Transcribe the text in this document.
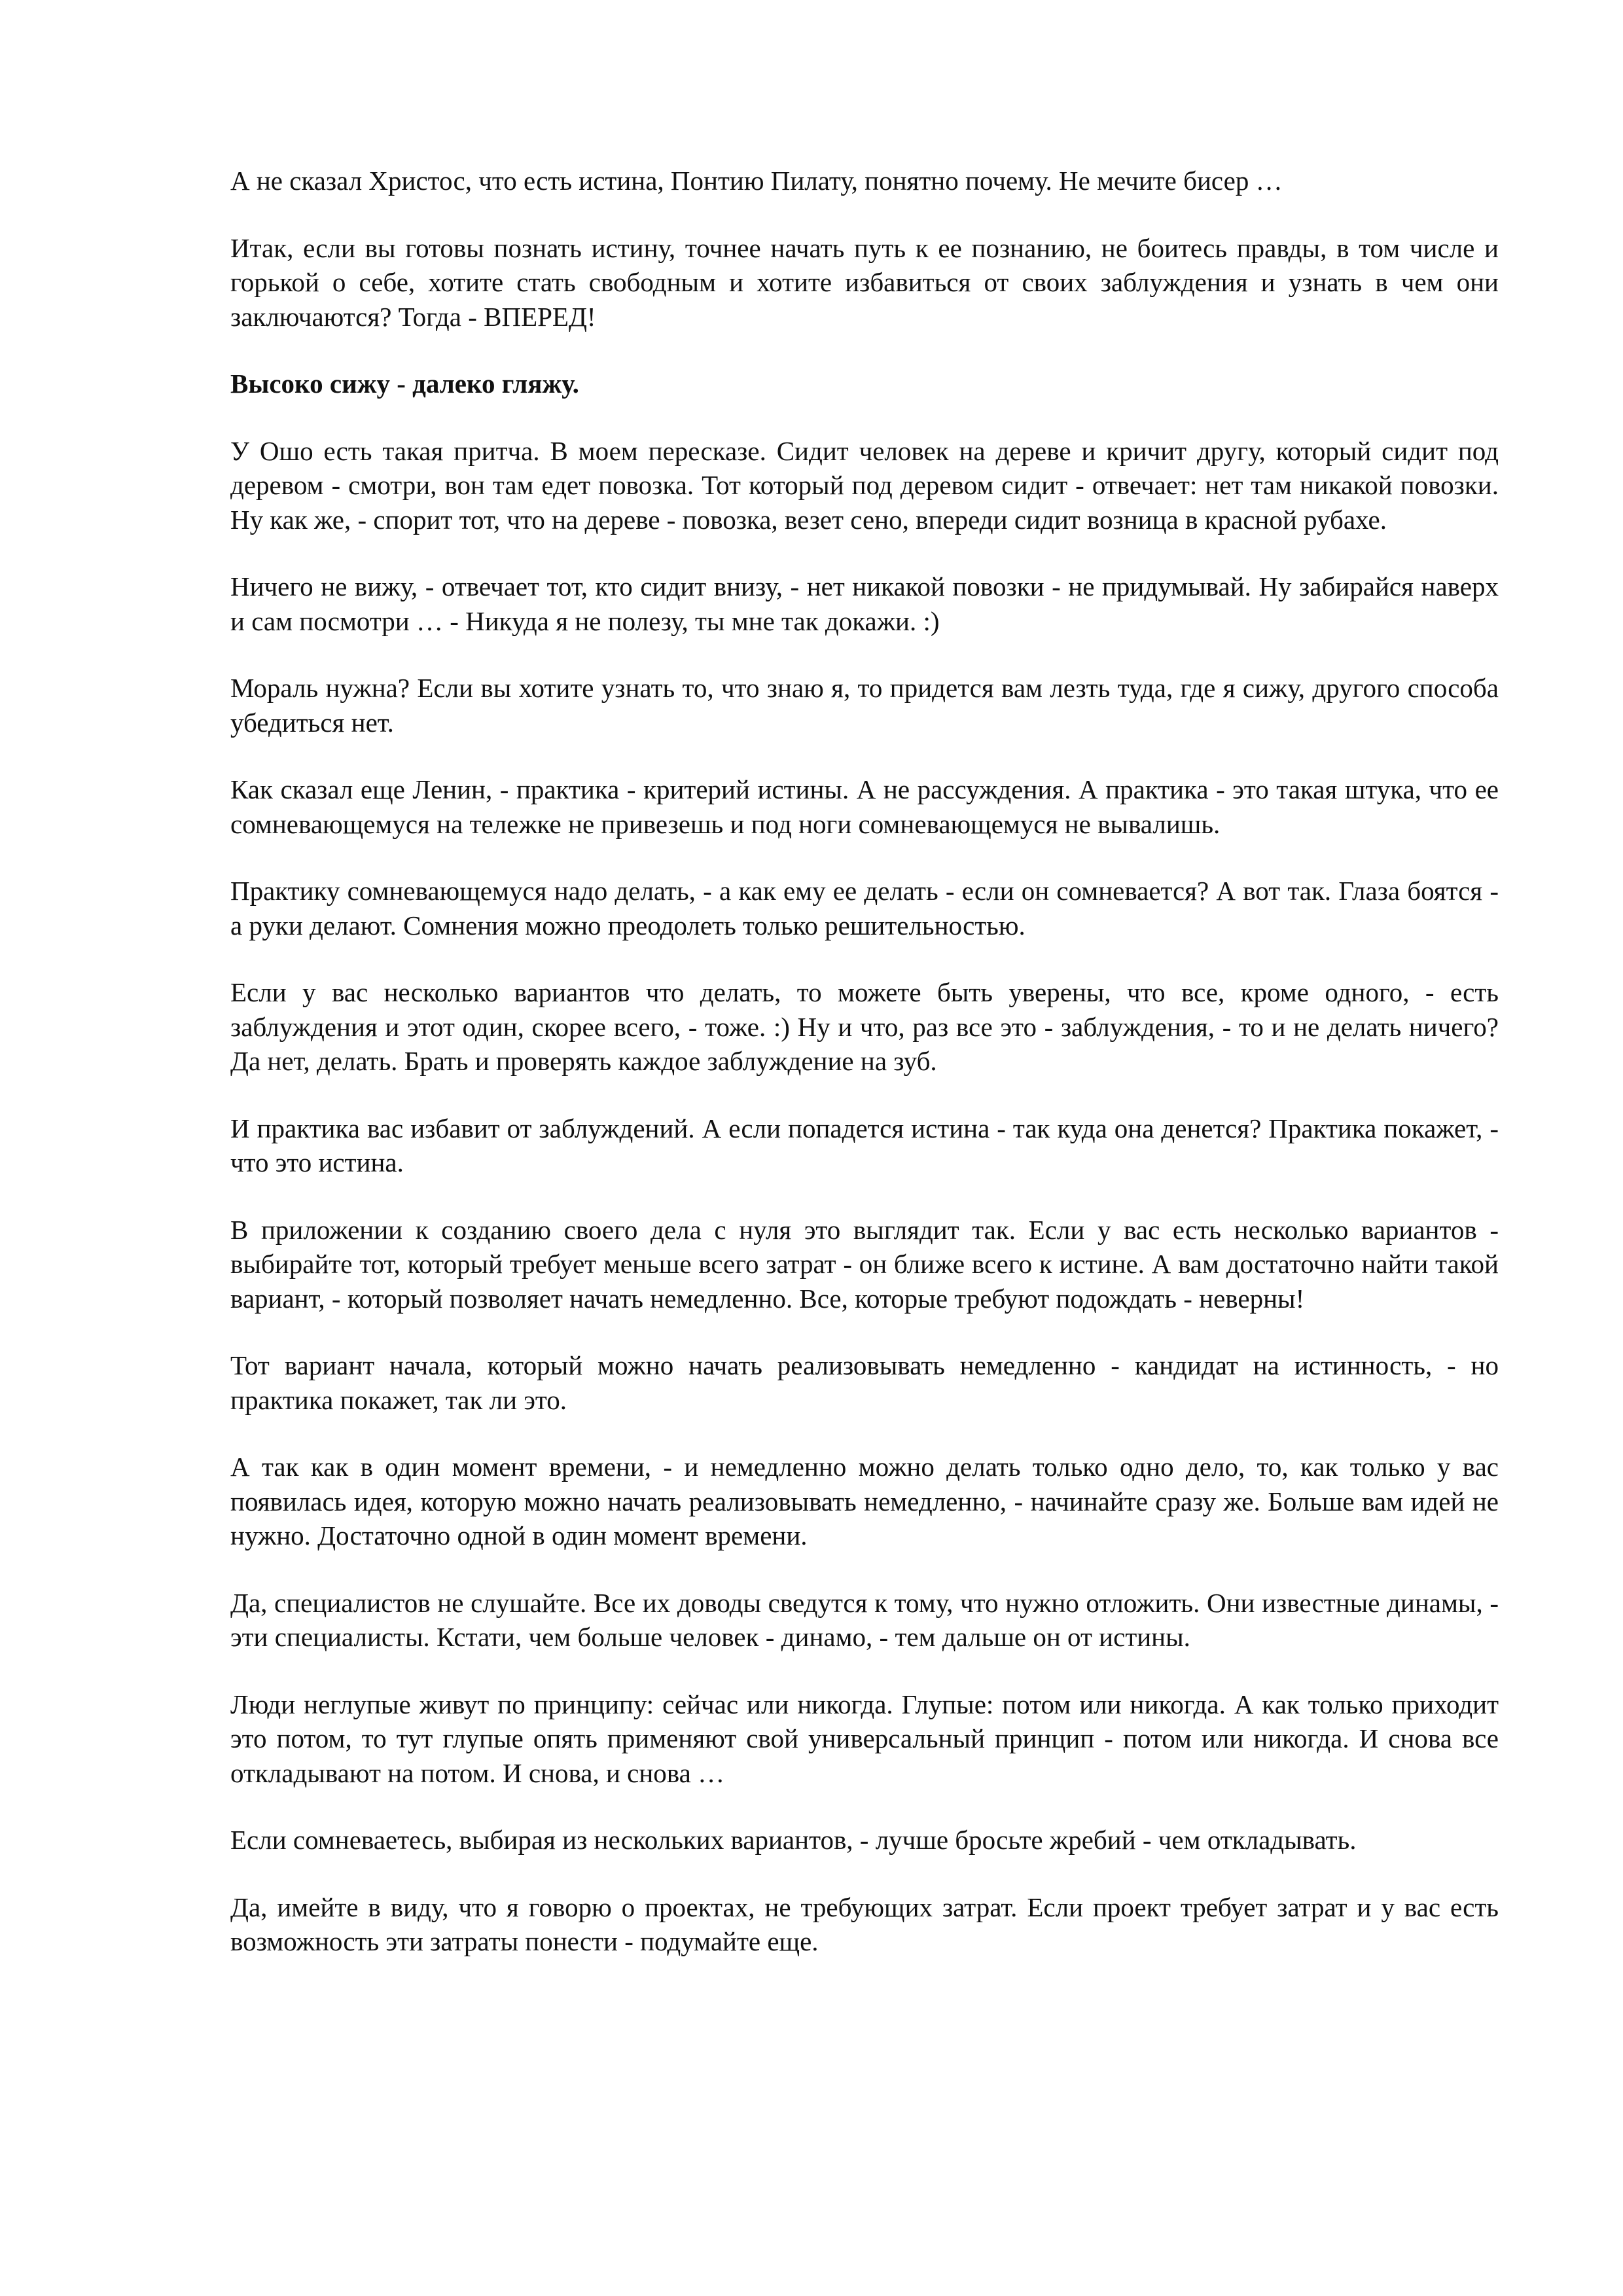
А не сказал Христос, что есть истина, Понтию Пилату, понятно почему. Не мечите бисер …

Итак, если вы готовы познать истину, точнее начать путь к ее познанию, не боитесь правды, в том числе и горькой о себе, хотите стать свободным и хотите избавиться от своих заблуждения и узнать в чем они заключаются? Тогда - ВПЕРЕД!

Высоко сижу - далеко гляжу.

У Ошо есть такая притча. В моем пересказе. Сидит человек на дереве и кричит другу, который сидит под деревом - смотри, вон там едет повозка. Тот который под деревом сидит - отвечает: нет там никакой повозки. Ну как же, - спорит тот, что на дереве - повозка, везет сено, впереди сидит возница в красной рубахе.

Ничего не вижу, - отвечает тот, кто сидит внизу, - нет никакой повозки - не придумывай. Ну забирайся наверх и сам посмотри … - Никуда я не полезу, ты мне так докажи. :)

Мораль нужна? Если вы хотите узнать то, что знаю я, то придется вам лезть туда, где я сижу, другого способа убедиться нет.

Как сказал еще Ленин, - практика - критерий истины. А не рассуждения. А практика - это такая штука, что ее сомневающемуся на тележке не привезешь и под ноги сомневающемуся не вывалишь.

Практику сомневающемуся надо делать, - а как ему ее делать - если он сомневается? А вот так. Глаза боятся - а руки делают. Сомнения можно преодолеть только решительностью.

Если у вас несколько вариантов что делать, то можете быть уверены, что все, кроме одного, - есть заблуждения и этот один, скорее всего, - тоже. :) Ну и что, раз все это - заблуждения, - то и не делать ничего? Да нет, делать. Брать и проверять каждое заблуждение на зуб.

И практика вас избавит от заблуждений. А если попадется истина - так куда она денется? Практика покажет, - что это истина.

В приложении к созданию своего дела с нуля это выглядит так. Если у вас есть несколько вариантов - выбирайте тот, который требует меньше всего затрат - он ближе всего к истине. А вам достаточно найти такой вариант, - который позволяет начать немедленно. Все, которые требуют подождать - неверны!

Тот вариант начала, который можно начать реализовывать немедленно - кандидат на истинность, - но практика покажет, так ли это.

А так как в один момент времени, - и немедленно можно делать только одно дело, то, как только у вас появилась идея, которую можно начать реализовывать немедленно, - начинайте сразу же. Больше вам идей не нужно. Достаточно одной в один момент времени.

Да, специалистов не слушайте. Все их доводы сведутся к тому, что нужно отложить. Они известные динамы, - эти специалисты. Кстати, чем больше человек - динамо, - тем дальше он от истины.

Люди неглупые живут по принципу: сейчас или никогда. Глупые: потом или никогда. А как только приходит это потом, то тут глупые опять применяют свой универсальный принцип - потом или никогда. И снова все откладывают на потом. И снова, и снова …

Если сомневаетесь, выбирая из нескольких вариантов, - лучше бросьте жребий - чем откладывать.

Да, имейте в виду, что я говорю о проектах, не требующих затрат. Если проект требует затрат и у вас есть возможность эти затраты понести - подумайте еще.
